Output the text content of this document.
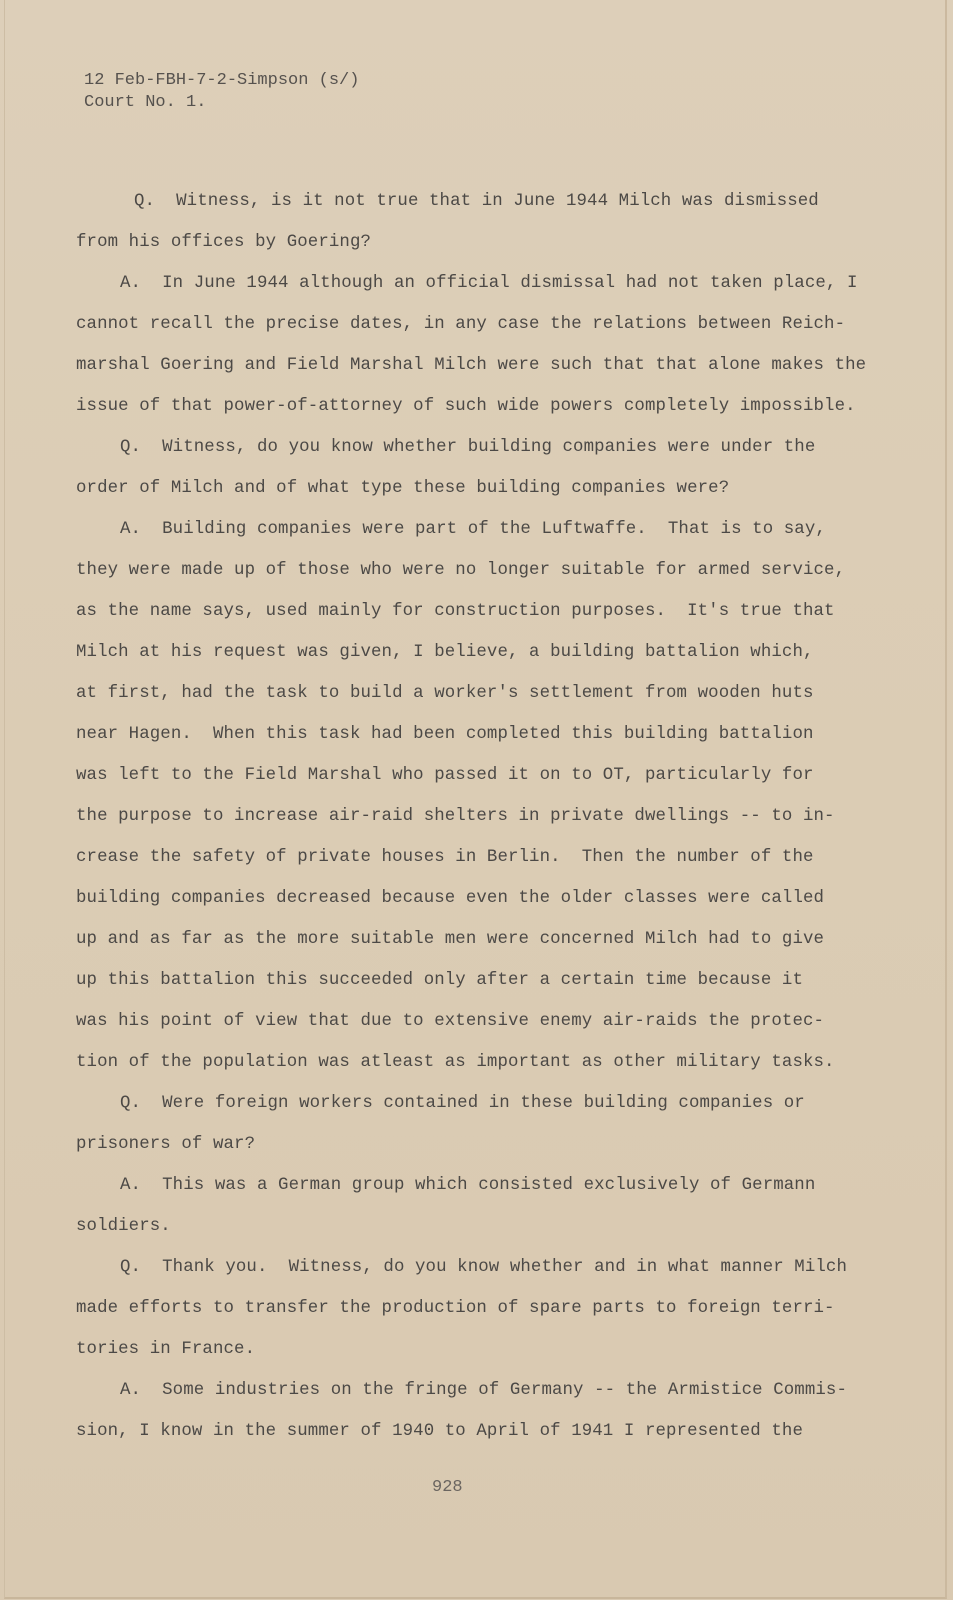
12 Feb-FBH-7-2-Simpson (s/)
Court No. 1.
Q.  Witness, is it not true that in June 1944 Milch was dismissed
from his offices by Goering?
A.  In June 1944 although an official dismissal had not taken place, I
cannot recall the precise dates, in any case the relations between Reich-
marshal Goering and Field Marshal Milch were such that that alone makes the
issue of that power-of-attorney of such wide powers completely impossible.
Q.  Witness, do you know whether building companies were under the
order of Milch and of what type these building companies were?
A.  Building companies were part of the Luftwaffe.  That is to say,
they were made up of those who were no longer suitable for armed service,
as the name says, used mainly for construction purposes.  It's true that
Milch at his request was given, I believe, a building battalion which,
at first, had the task to build a worker's settlement from wooden huts
near Hagen.  When this task had been completed this building battalion
was left to the Field Marshal who passed it on to OT, particularly for
the purpose to increase air-raid shelters in private dwellings -- to in-
crease the safety of private houses in Berlin.  Then the number of the
building companies decreased because even the older classes were called
up and as far as the more suitable men were concerned Milch had to give
up this battalion this succeeded only after a certain time because it
was his point of view that due to extensive enemy air-raids the protec-
tion of the population was atleast as important as other military tasks.
Q.  Were foreign workers contained in these building companies or
prisoners of war?
A.  This was a German group which consisted exclusively of Germann
soldiers.
Q.  Thank you.  Witness, do you know whether and in what manner Milch
made efforts to transfer the production of spare parts to foreign terri-
tories in France.
A.  Some industries on the fringe of Germany -- the Armistice Commis-
sion, I know in the summer of 1940 to April of 1941 I represented the
928
